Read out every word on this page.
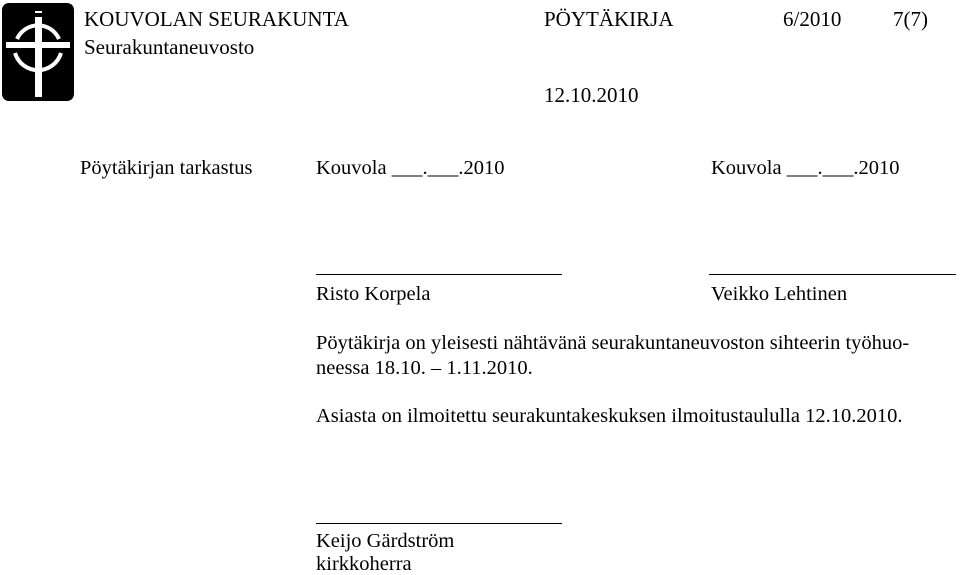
KOUVOLAN SEURAKUNTA
Seurakuntaneuvosto
PÖYTÄKIRJA	6/2010 7(7)
12.10.2010
Pöytäkirjan tarkastus	Kouvola ___.___.2010	Kouvola ___.___.2010
Risto Korpela	Veikko Lehtinen
Pöytäkirja on yleisesti nähtävänä seurakuntaneuvoston sihteerin työhuo-
neessa 18.10. – 1.11.2010.
Asiasta on ilmoitettu seurakuntakeskuksen ilmoitustaululla 12.10.2010.
Keijo Gärdström
kirkkoherra
